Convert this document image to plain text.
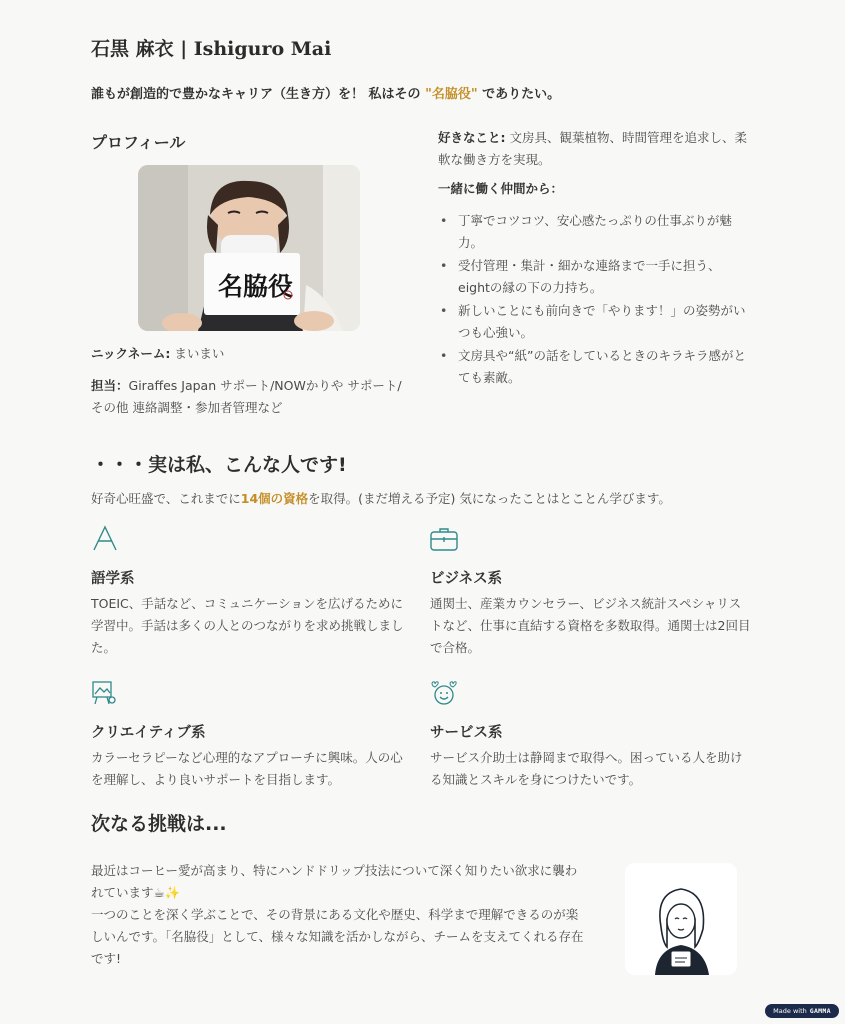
石黒 麻衣 | Ishiguro Mai
誰もが創造的で豊かなキャリア（生き方）を！ 私はその "名脇役" でありたい。
プロフィール
名脇役
ニックネーム: まいまい
担当：Giraffes Japan サポート/NOWかりや サポート/
その他 連絡調整・参加者管理など
好きなこと: 文房具、観葉植物、時間管理を追求し、柔
軟な働き方を実現。
一緒に働く仲間から：
• 丁寧でコツコツ、安心感たっぷりの仕事ぶりが魅
力。
• 受付管理・集計・細かな連絡まで一手に担う、
eightの縁の下の力持ち。
• 新しいことにも前向きで「やります！」の姿勢がい
つも心強い。
• 文房具や“紙”の話をしているときのキラキラ感がと
ても素敵。
・・・実は私、こんな人です!
好奇心旺盛で、これまでに14個の資格を取得。(まだ増える予定) 気になったことはとことん学びます。
語学系
TOEIC、手話など、コミュニケーションを広げるために
学習中。手話は多くの人とのつながりを求め挑戦しまし
た。
ビジネス系
通関士、産業カウンセラー、ビジネス統計スペシャリス
トなど、仕事に直結する資格を多数取得。通関士は2回目
で合格。
クリエイティブ系
カラーセラピーなど心理的なアプローチに興味。人の心
を理解し、より良いサポートを目指します。
サービス系
サービス介助士は静岡まで取得へ。困っている人を助け
る知識とスキルを身につけたいです。
次なる挑戦は...
最近はコーヒー愛が高まり、特にハンドドリップ技法について深く知りたい欲求に襲わ
れています☕✨
一つのことを深く学ぶことで、その背景にある文化や歴史、科学まで理解できるのが楽
しいんです。「名脇役」として、様々な知識を活かしながら、チームを支えてくれる存在
です!
Made with GAMMA
